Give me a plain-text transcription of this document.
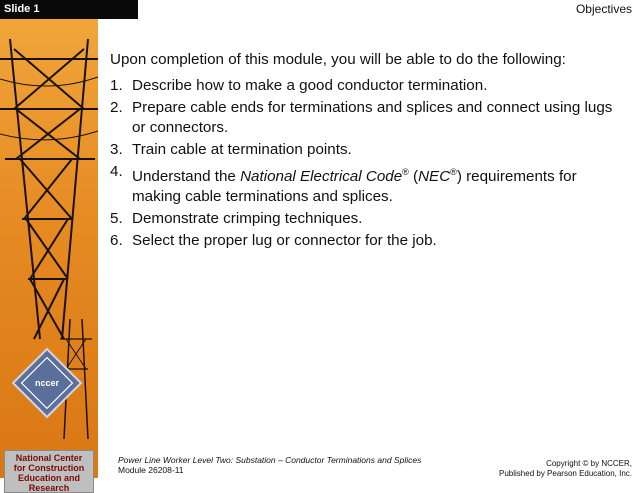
Slide 1	Objectives
nccer
National Center
for Construction
Education and
Research

Upon completion of this module, you will be able to do the following:

1. Describe how to make a good conductor termination.
2. Prepare cable ends for terminations and splices and connect using lugs or connectors.
3. Train cable at termination points.
4. Understand the National Electrical Code® (NEC®) requirements for making cable terminations and splices.
5. Demonstrate crimping techniques.
6. Select the proper lug or connector for the job.
Power Line Worker Level Two: Substation – Conductor Terminations and Splices
Module 26208-11
Copyright © by NCCER,
Published by Pearson Education, Inc.
